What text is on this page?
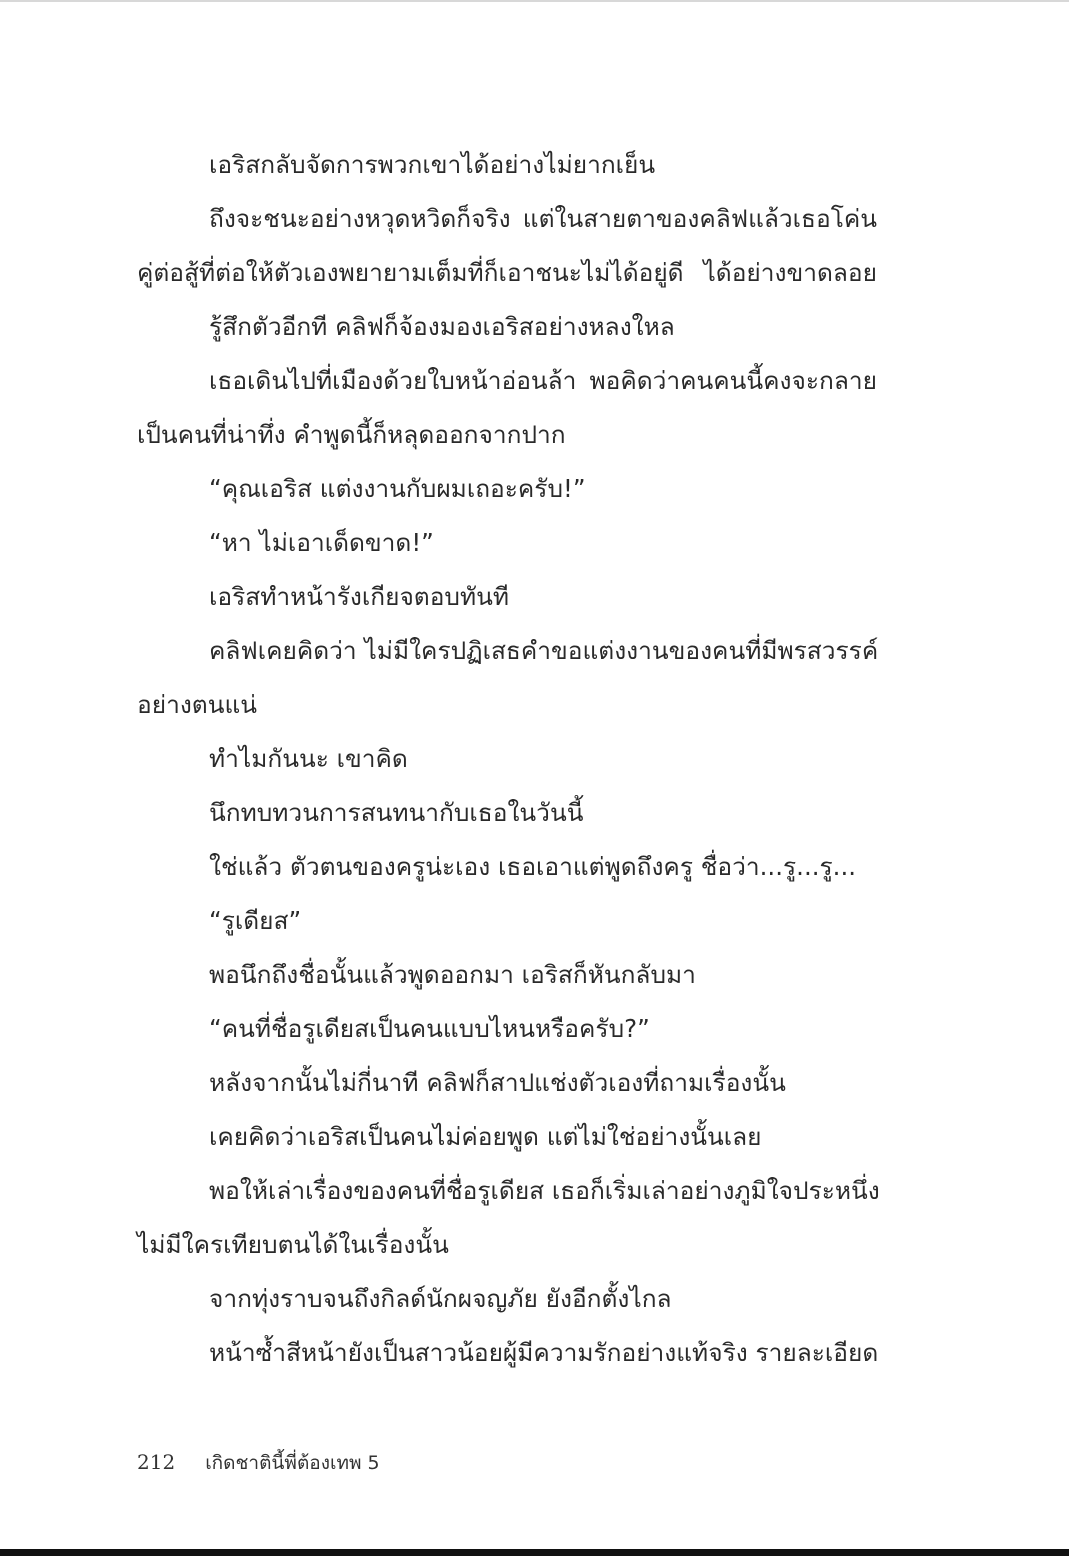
เอริสกลับจัดการพวกเขาได้อย่างไม่ยากเย็น
ถึงจะชนะอย่างหวุดหวิดก็จริง แต่ในสายตาของคลิฟแล้วเธอโค่น
คู่ต่อสู้ที่ต่อให้ตัวเองพยายามเต็มที่ก็เอาชนะไม่ได้อยู่ดี ได้อย่างขาดลอย
รู้สึกตัวอีกที คลิฟก็จ้องมองเอริสอย่างหลงใหล
เธอเดินไปที่เมืองด้วยใบหน้าอ่อนล้า พอคิดว่าคนคนนี้คงจะกลาย
เป็นคนที่น่าทึ่ง คำพูดนี้ก็หลุดออกจากปาก
“คุณเอริส แต่งงานกับผมเถอะครับ!”
“หา ไม่เอาเด็ดขาด!”
เอริสทำหน้ารังเกียจตอบทันที
คลิฟเคยคิดว่า ไม่มีใครปฏิเสธคำขอแต่งงานของคนที่มีพรสวรรค์
อย่างตนแน่
ทำไมกันนะ เขาคิด
นึกทบทวนการสนทนากับเธอในวันนี้
ใช่แล้ว ตัวตนของครูน่ะเอง เธอเอาแต่พูดถึงครู ชื่อว่า...รู...รู...
“รูเดียส”
พอนึกถึงชื่อนั้นแล้วพูดออกมา เอริสก็หันกลับมา
“คนที่ชื่อรูเดียสเป็นคนแบบไหนหรือครับ?”
หลังจากนั้นไม่กี่นาที คลิฟก็สาปแช่งตัวเองที่ถามเรื่องนั้น
เคยคิดว่าเอริสเป็นคนไม่ค่อยพูด แต่ไม่ใช่อย่างนั้นเลย
พอให้เล่าเรื่องของคนที่ชื่อรูเดียส เธอก็เริ่มเล่าอย่างภูมิใจประหนึ่ง
ไม่มีใครเทียบตนได้ในเรื่องนั้น
จากทุ่งราบจนถึงกิลด์นักผจญภัย ยังอีกตั้งไกล
หน้าซ้ำสีหน้ายังเป็นสาวน้อยผู้มีความรักอย่างแท้จริง รายละเอียด
212 เกิดชาตินี้พี่ต้องเทพ 5
